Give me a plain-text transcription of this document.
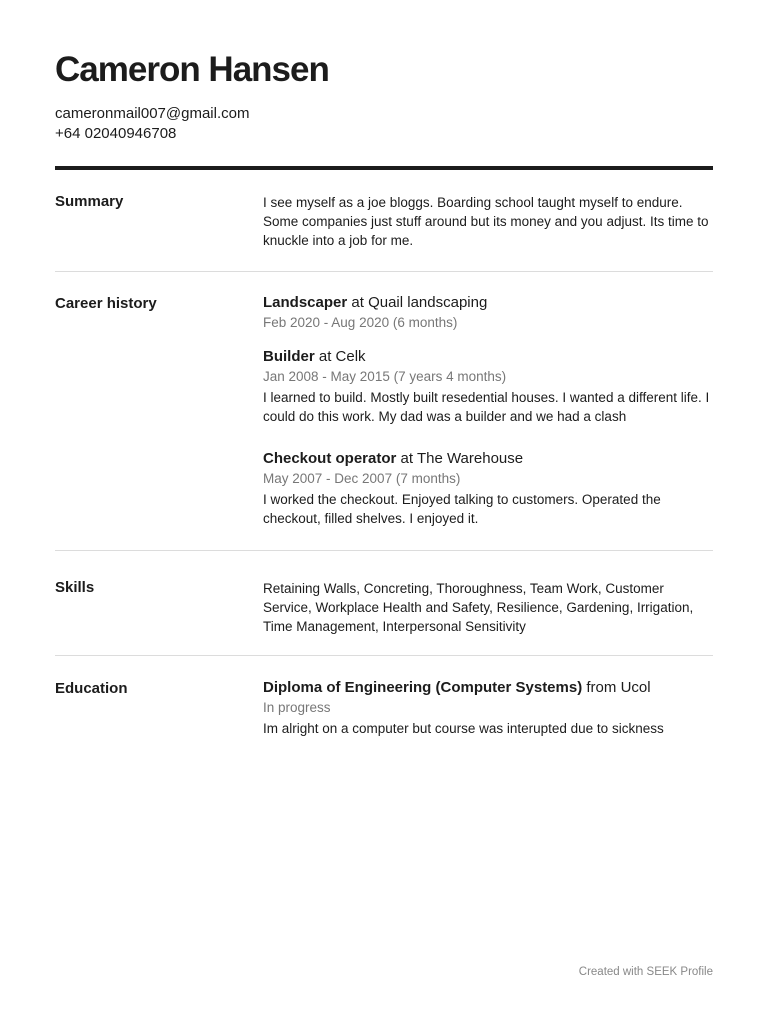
Cameron Hansen
cameronmail007@gmail.com
+64 02040946708
Summary	I see myself as a joe bloggs. Boarding school taught myself to endure. Some companies just stuff around but its money and you adjust. Its time to knuckle into a job for me.
Career history	Landscaper at Quail landscaping
Feb 2020 - Aug 2020 (6 months)
Builder at Celk
Jan 2008 - May 2015 (7 years 4 months)
I learned to build. Mostly built resedential houses. I wanted a different life. I could do this work. My dad was a builder and we had a clash
Checkout operator at The Warehouse
May 2007 - Dec 2007 (7 months)
I worked the checkout. Enjoyed talking to customers. Operated the checkout, filled shelves. I enjoyed it.
Skills	Retaining Walls, Concreting, Thoroughness, Team Work, Customer Service, Workplace Health and Safety, Resilience, Gardening, Irrigation, Time Management, Interpersonal Sensitivity
Education	Diploma of Engineering (Computer Systems) from Ucol
In progress
Im alright on a computer but course was interupted due to sickness
Created with SEEK Profile
